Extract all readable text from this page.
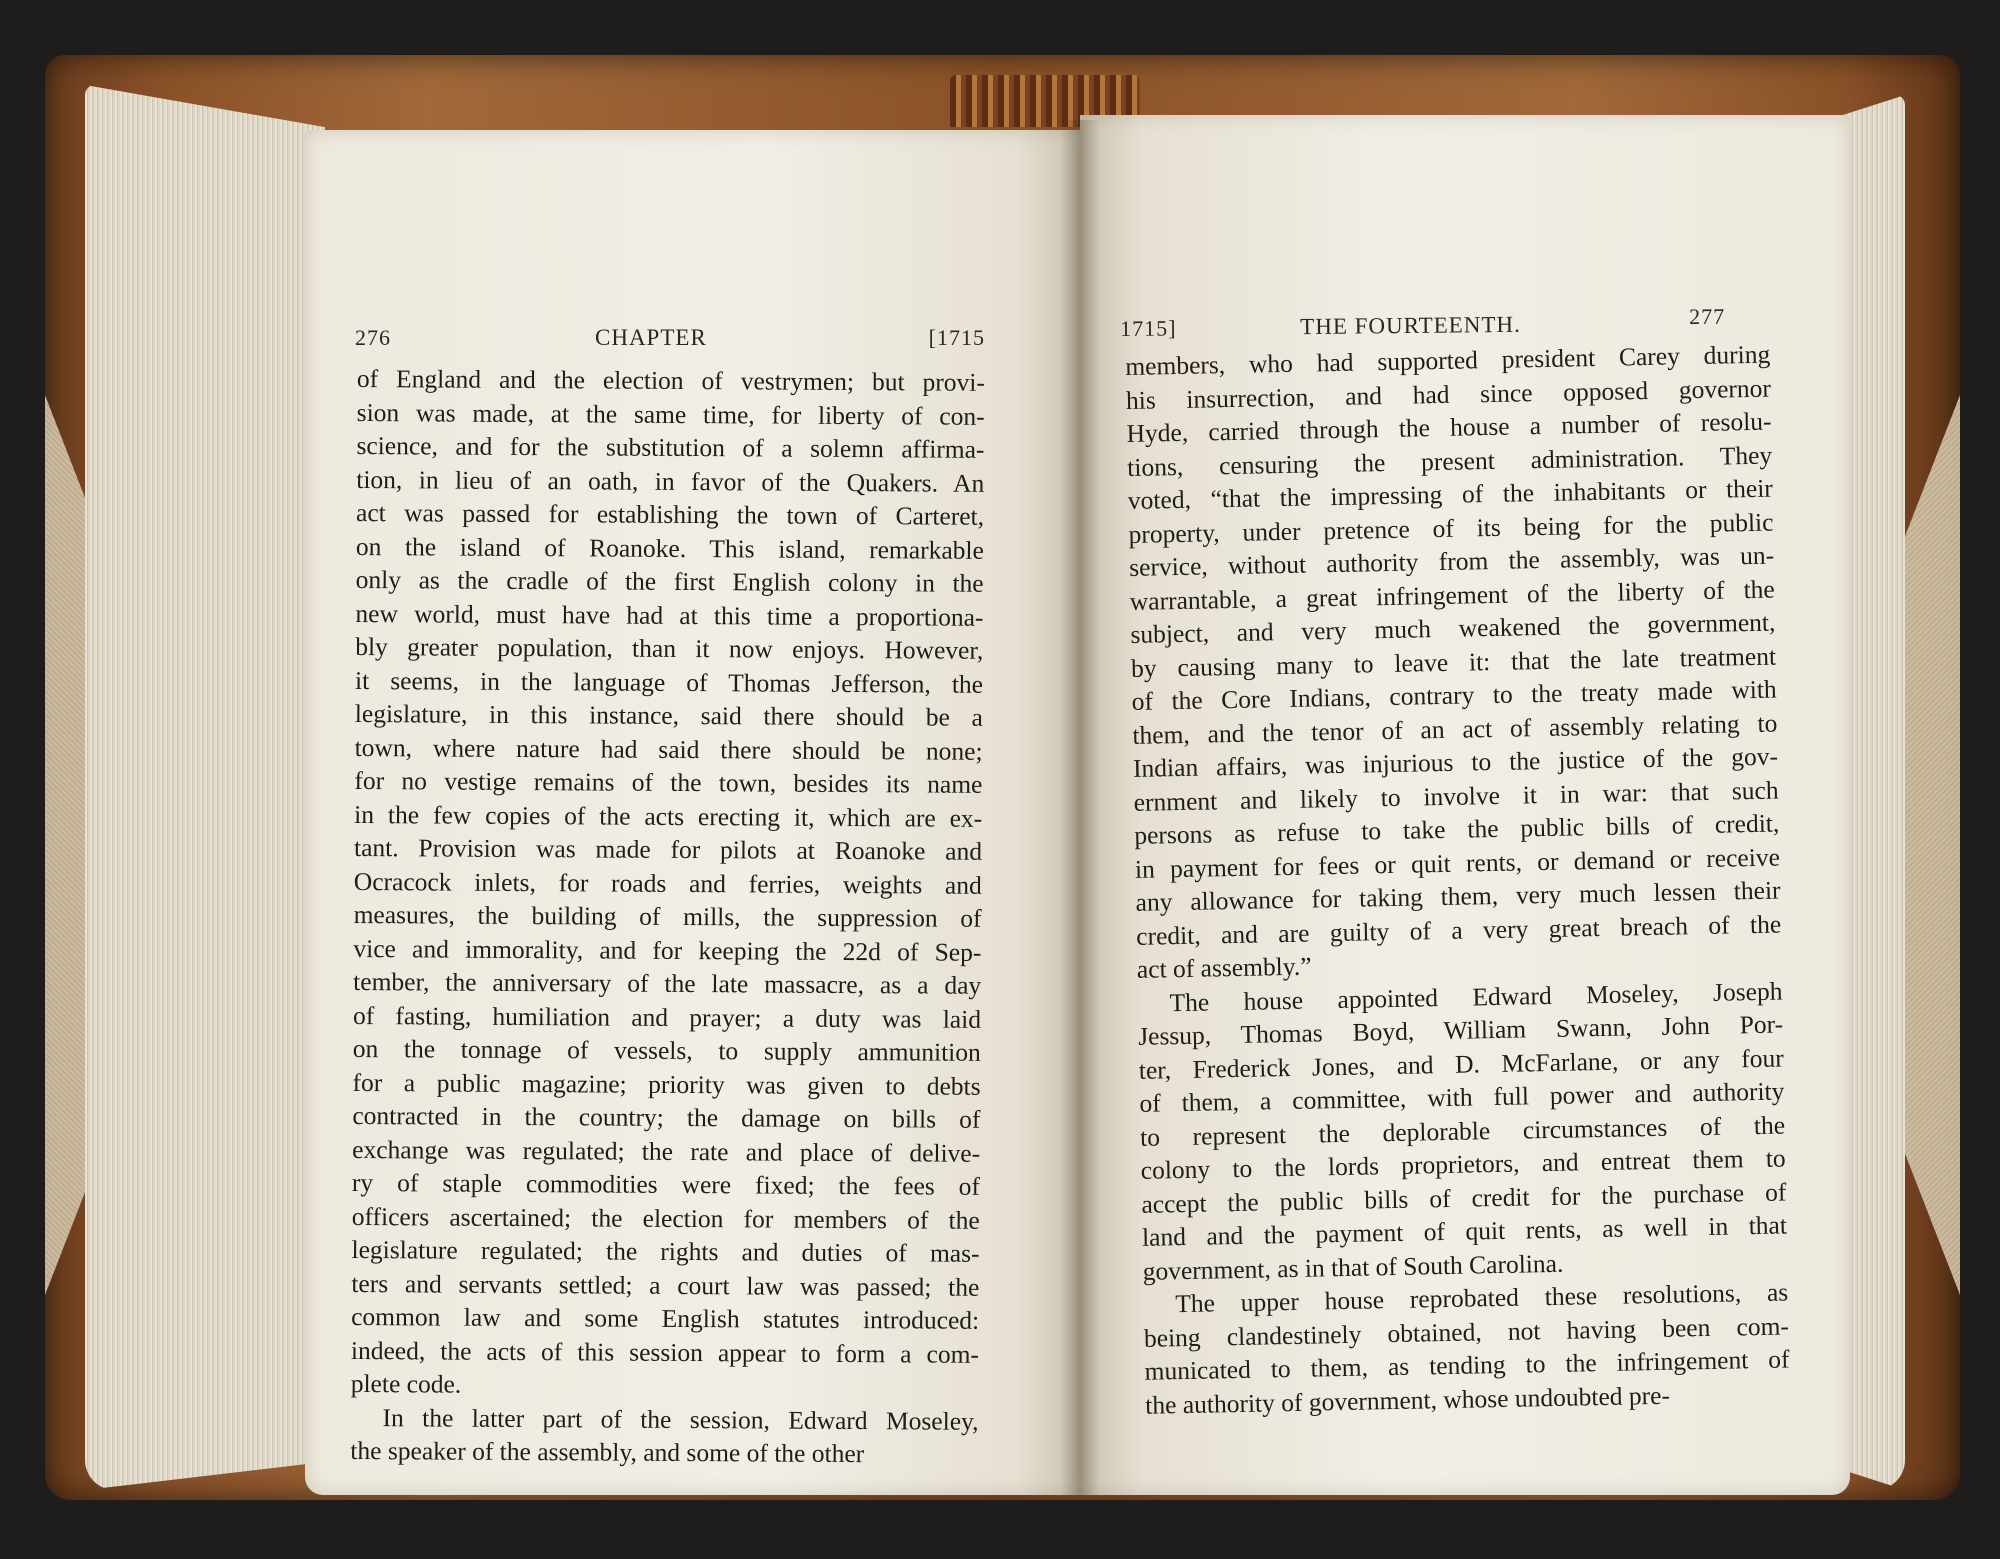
276	CHAPTER	[1715
of England and the election of vestrymen; but provi-
sion was made, at the same time, for liberty of con-
science, and for the substitution of a solemn affirma-
tion, in lieu of an oath, in favor of the Quakers. An
act was passed for establishing the town of Carteret,
on the island of Roanoke. This island, remarkable
only as the cradle of the first English colony in the
new world, must have had at this time a proportiona-
bly greater population, than it now enjoys. However,
it seems, in the language of Thomas Jefferson, the
legislature, in this instance, said there should be a
town, where nature had said there should be none;
for no vestige remains of the town, besides its name
in the few copies of the acts erecting it, which are ex-
tant. Provision was made for pilots at Roanoke and
Ocracock inlets, for roads and ferries, weights and
measures, the building of mills, the suppression of
vice and immorality, and for keeping the 22d of Sep-
tember, the anniversary of the late massacre, as a day
of fasting, humiliation and prayer; a duty was laid
on the tonnage of vessels, to supply ammunition
for a public magazine; priority was given to debts
contracted in the country; the damage on bills of
exchange was regulated; the rate and place of delive-
ry of staple commodities were fixed; the fees of
officers ascertained; the election for members of the
legislature regulated; the rights and duties of mas-
ters and servants settled; a court law was passed; the
common law and some English statutes introduced:
indeed, the acts of this session appear to form a com-
plete code.
In the latter part of the session, Edward Moseley,
the speaker of the assembly, and some of the other
1715]	THE FOURTEENTH.	277
members, who had supported president Carey during
his insurrection, and had since opposed governor
Hyde, carried through the house a number of resolu-
tions, censuring the present administration. They
voted, “that the impressing of the inhabitants or their
property, under pretence of its being for the public
service, without authority from the assembly, was un-
warrantable, a great infringement of the liberty of the
subject, and very much weakened the government,
by causing many to leave it: that the late treatment
of the Core Indians, contrary to the treaty made with
them, and the tenor of an act of assembly relating to
Indian affairs, was injurious to the justice of the gov-
ernment and likely to involve it in war: that such
persons as refuse to take the public bills of credit,
in payment for fees or quit rents, or demand or receive
any allowance for taking them, very much lessen their
credit, and are guilty of a very great breach of the
act of assembly.”
The house appointed Edward Moseley, Joseph
Jessup, Thomas Boyd, William Swann, John Por-
ter, Frederick Jones, and D. McFarlane, or any four
of them, a committee, with full power and authority
to represent the deplorable circumstances of the
colony to the lords proprietors, and entreat them to
accept the public bills of credit for the purchase of
land and the payment of quit rents, as well in that
government, as in that of South Carolina.
The upper house reprobated these resolutions, as
being clandestinely obtained, not having been com-
municated to them, as tending to the infringement of
the authority of government, whose undoubted pre-
